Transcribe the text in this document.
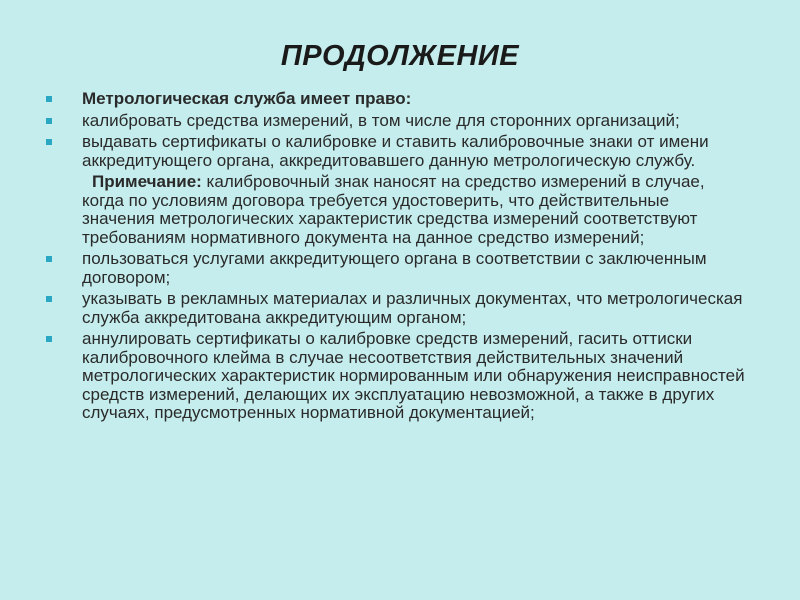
ПРОДОЛЖЕНИЕ
Метрологическая служба имеет право:
калибровать средства измерений, в том числе для сторонних организаций;
выдавать сертификаты о калибровке и ставить калибровочные знаки от имени аккредитующего органа, аккредитовавшего данную метрологическую службу.
Примечание: калибровочный знак наносят на средство измерений в случае, когда по условиям договора требуется удостоверить, что действительные значения метрологических характеристик средства измерений соответствуют требованиям нормативного документа на данное средство измерений;
пользоваться услугами аккредитующего органа в соответствии с заключенным договором;
указывать в рекламных материалах и различных документах, что метрологическая служба аккредитована аккредитующим органом;
аннулировать сертификаты о калибровке средств измерений, гасить оттиски калибровочного клейма в случае несоответствия действительных значений метрологических характеристик нормированным или обнаружения неисправностей средств измерений, делающих их эксплуатацию невозможной, а также в других случаях, предусмотренных нормативной документацией;
